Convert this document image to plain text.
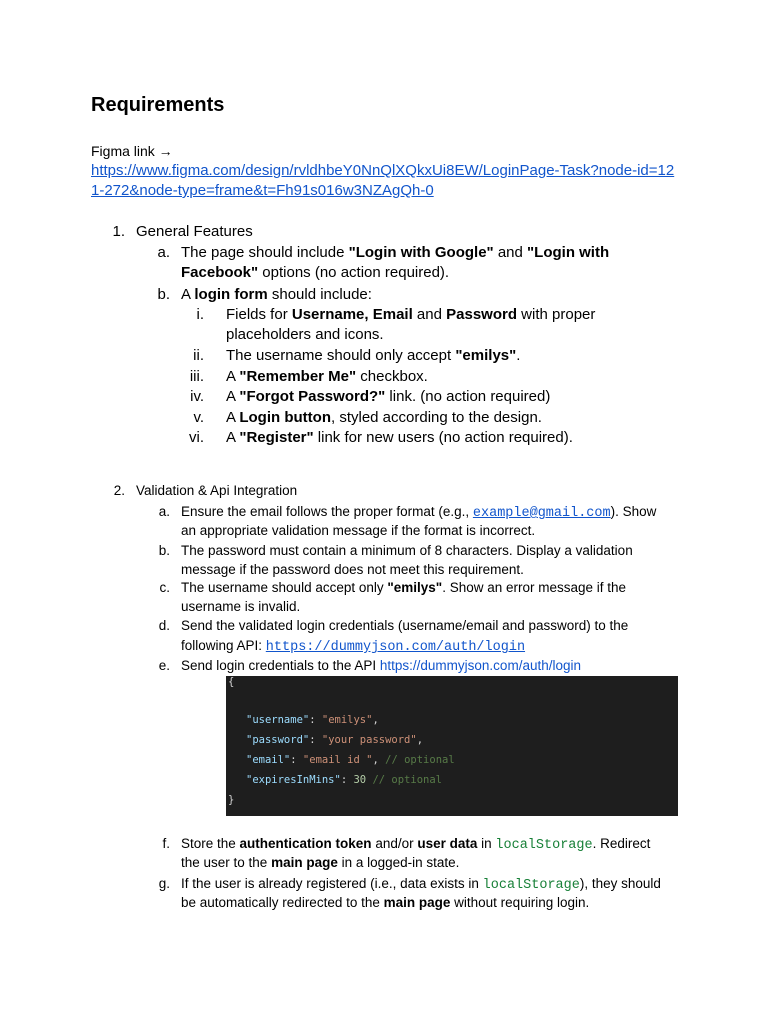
Requirements
Figma link →
https://www.figma.com/design/rvldhbeY0NnQlXQkxUi8EW/LoginPage-Task?node-id=12
1-272&node-type=frame&t=Fh91s016w3NZAgQh-0
1. General Features
a. The page should include "Login with Google" and "Login with
Facebook" options (no action required).
b. A login form should include:
i. Fields for Username, Email and Password with proper
placeholders and icons.
ii. The username should only accept "emilys".
iii. A "Remember Me" checkbox.
iv. A "Forgot Password?" link. (no action required)
v. A Login button, styled according to the design.
vi. A "Register" link for new users (no action required).
2. Validation & Api Integration
a. Ensure the email follows the proper format (e.g., example@gmail.com). Show
an appropriate validation message if the format is incorrect.
b. The password must contain a minimum of 8 characters. Display a validation
message if the password does not meet this requirement.
c. The username should accept only "emilys". Show an error message if the
username is invalid.
d. Send the validated login credentials (username/email and password) to the
following API: https://dummyjson.com/auth/login
e. Send login credentials to the API https://dummyjson.com/auth/login
{
"username": "emilys",
"password": "your password",
"email": "email id ", // optional
"expiresInMins": 30 // optional
}
f. Store the authentication token and/or user data in localStorage. Redirect
the user to the main page in a logged-in state.
g. If the user is already registered (i.e., data exists in localStorage), they should
be automatically redirected to the main page without requiring login.
